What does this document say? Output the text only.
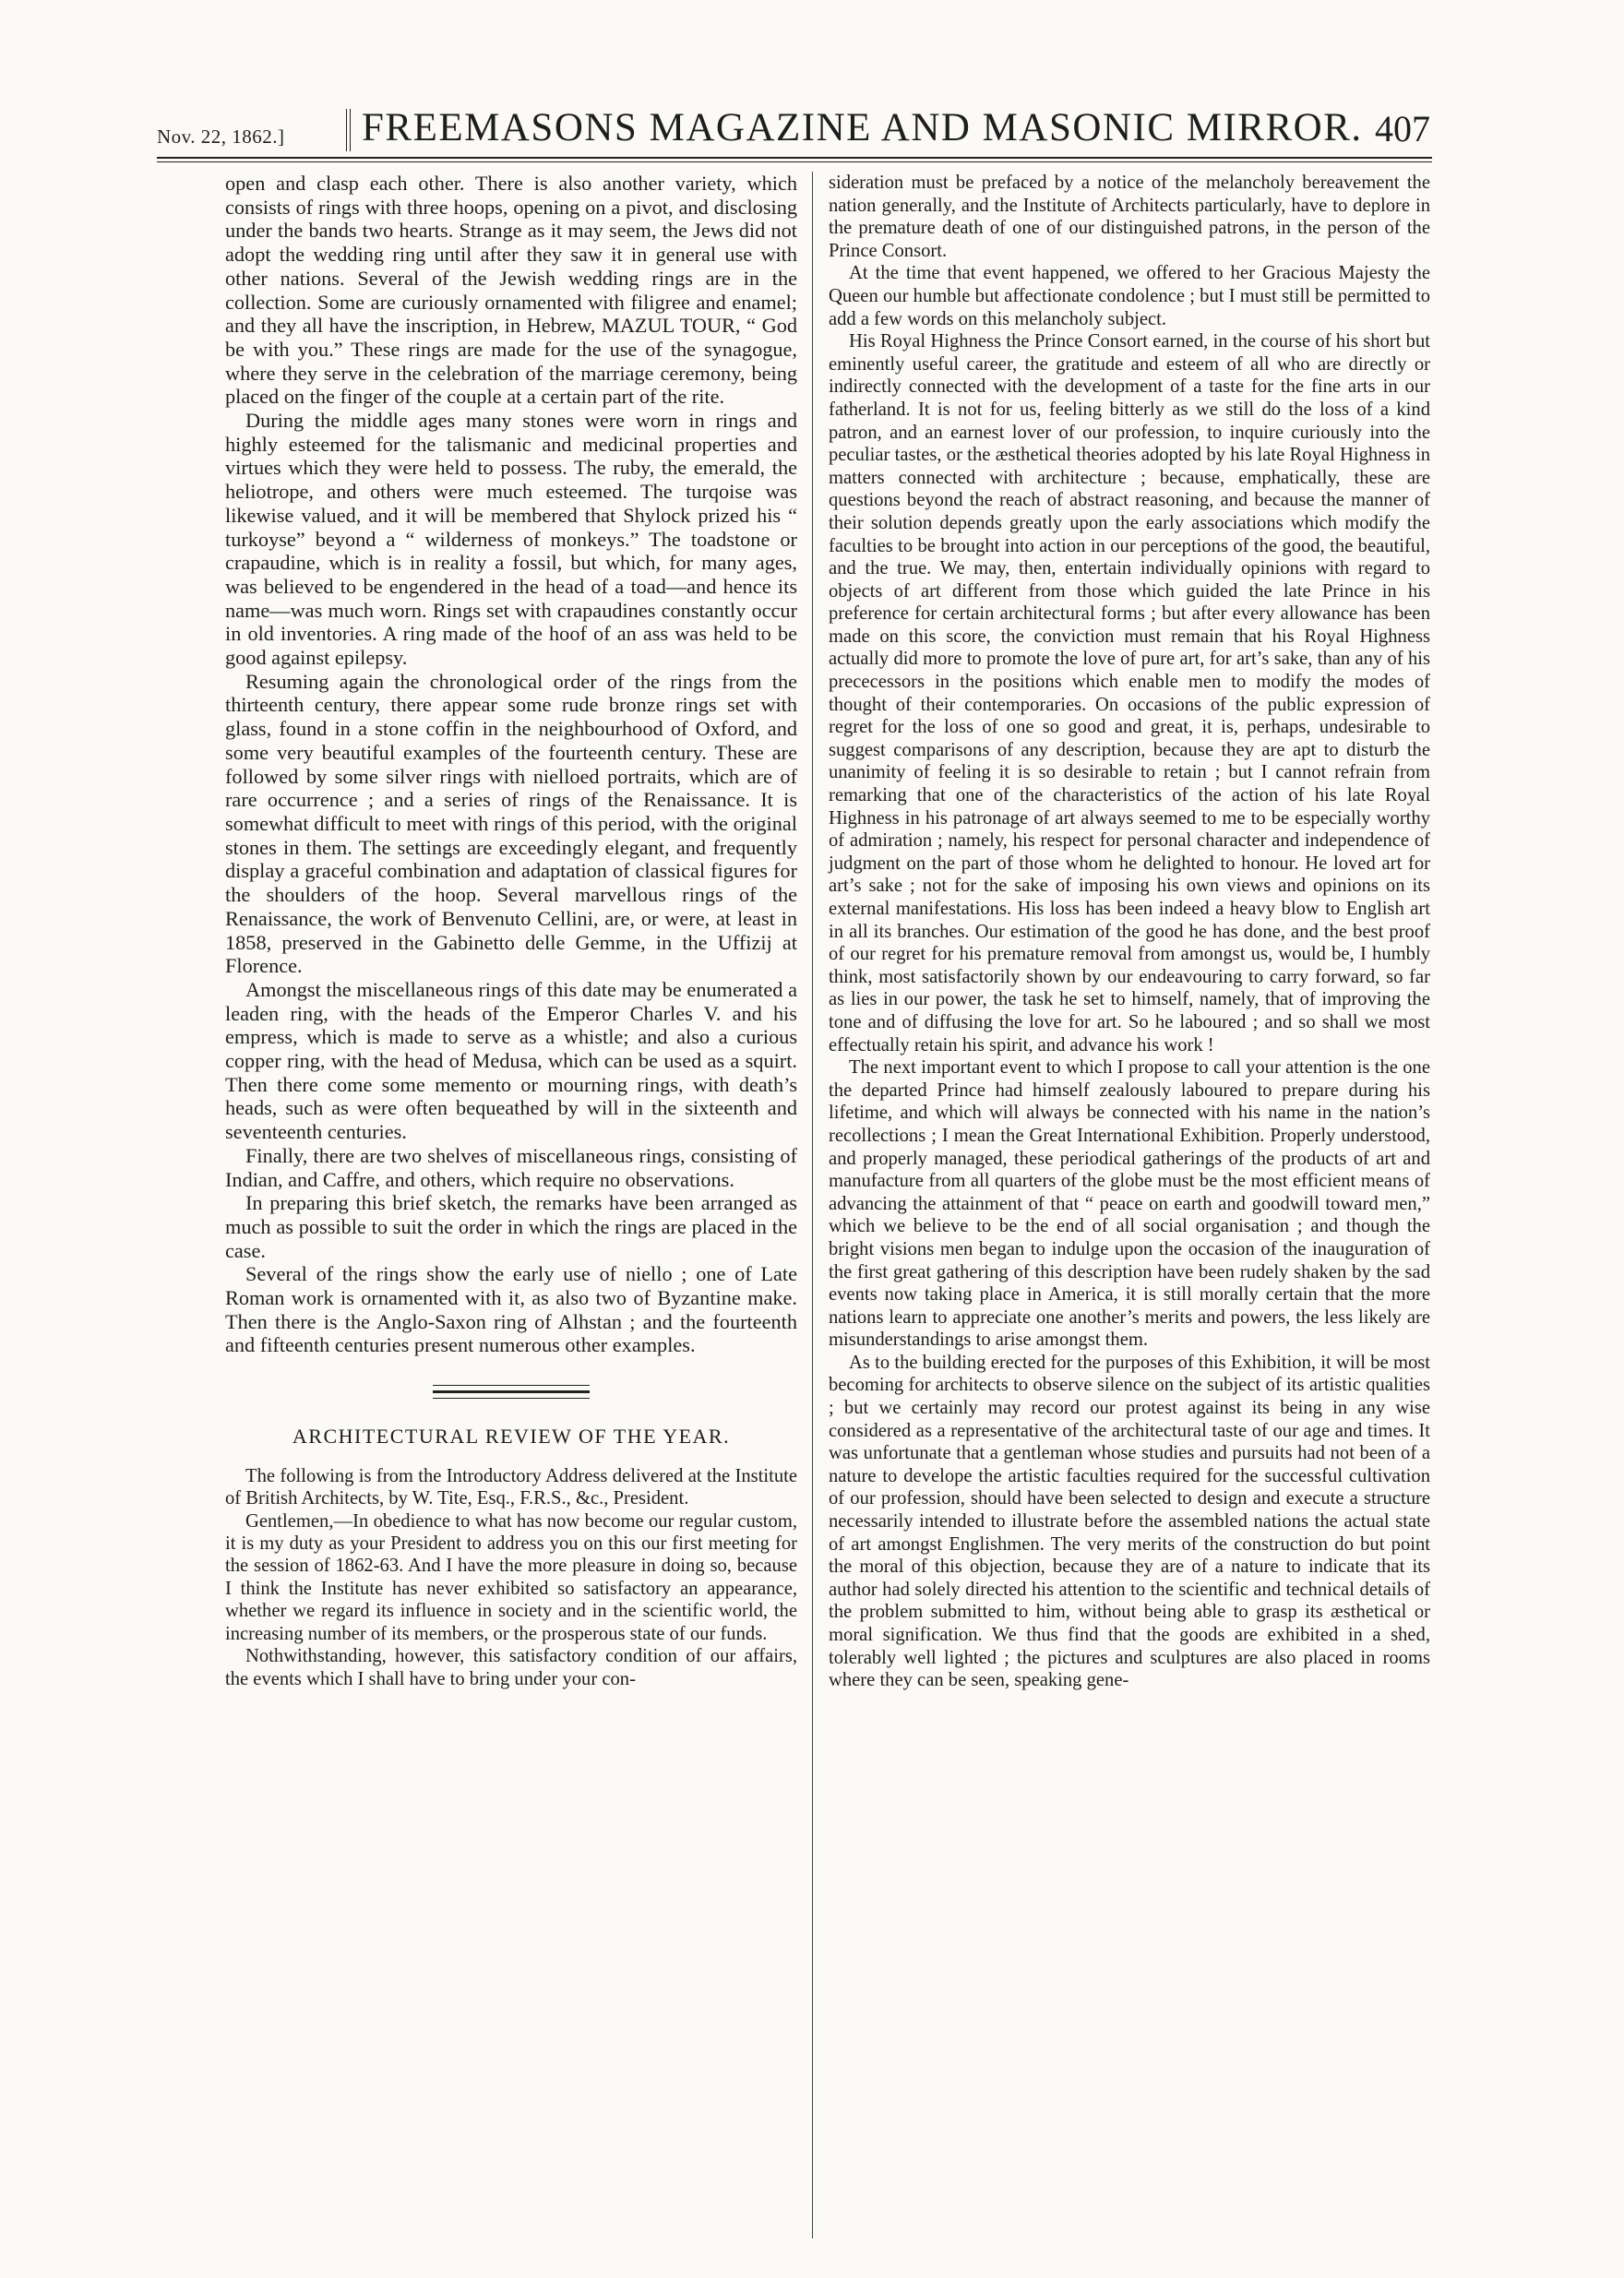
Nov. 22, 1862.] FREEMASONS MAGAZINE AND MASONIC MIRROR. 407

open and clasp each other. There is also another variety, which consists of rings with three hoops, opening on a pivot, and disclosing under the bands two hearts. Strange as it may seem, the Jews did not adopt the wedding ring until after they saw it in general use with other nations. Several of the Jewish wedding rings are in the collection. Some are curiously ornamented with filigree and enamel; and they all have the inscription, in Hebrew, MAZUL TOUR, “ God be with you.” These rings are made for the use of the synagogue, where they serve in the celebration of the marriage ceremony, being placed on the finger of the couple at a certain part of the rite.

During the middle ages many stones were worn in rings and highly esteemed for the talismanic and medicinal properties and virtues which they were held to possess. The ruby, the emerald, the heliotrope, and others were much esteemed. The turqoise was likewise valued, and it will be membered that Shylock prized his “ turkoyse” beyond a “ wilderness of monkeys.” The toadstone or crapaudine, which is in reality a fossil, but which, for many ages, was believed to be engendered in the head of a toad—and hence its name—was much worn. Rings set with crapaudines constantly occur in old inventories. A ring made of the hoof of an ass was held to be good against epilepsy.

Resuming again the chronological order of the rings from the thirteenth century, there appear some rude bronze rings set with glass, found in a stone coffin in the neighbourhood of Oxford, and some very beautiful examples of the fourteenth century. These are followed by some silver rings with nielloed portraits, which are of rare occurrence ; and a series of rings of the Renaissance. It is somewhat difficult to meet with rings of this period, with the original stones in them. The settings are exceedingly elegant, and frequently display a graceful combination and adaptation of classical figures for the shoulders of the hoop. Several marvellous rings of the Renaissance, the work of Benvenuto Cellini, are, or were, at least in 1858, preserved in the Gabinetto delle Gemme, in the Uffizij at Florence.

Amongst the miscellaneous rings of this date may be enumerated a leaden ring, with the heads of the Emperor Charles V. and his empress, which is made to serve as a whistle; and also a curious copper ring, with the head of Medusa, which can be used as a squirt. Then there come some memento or mourning rings, with death’s heads, such as were often bequeathed by will in the sixteenth and seventeenth centuries.

Finally, there are two shelves of miscellaneous rings, consisting of Indian, and Caffre, and others, which require no observations.

In preparing this brief sketch, the remarks have been arranged as much as possible to suit the order in which the rings are placed in the case.

Several of the rings show the early use of niello ; one of Late Roman work is ornamented with it, as also two of Byzantine make. Then there is the Anglo-Saxon ring of Alhstan ; and the fourteenth and fifteenth centuries present numerous other examples.

ARCHITECTURAL REVIEW OF THE YEAR.

The following is from the Introductory Address delivered at the Institute of British Architects, by W. Tite, Esq., F.R.S., &c., President.

Gentlemen,—In obedience to what has now become our regular custom, it is my duty as your President to address you on this our first meeting for the session of 1862-63. And I have the more pleasure in doing so, because I think the Institute has never exhibited so satisfactory an appearance, whether we regard its influence in society and in the scientific world, the increasing number of its members, or the prosperous state of our funds.

Nothwithstanding, however, this satisfactory condition of our affairs, the events which I shall have to bring under your con-

sideration must be prefaced by a notice of the melancholy bereavement the nation generally, and the Institute of Architects particularly, have to deplore in the premature death of one of our distinguished patrons, in the person of the Prince Consort.

At the time that event happened, we offered to her Gracious Majesty the Queen our humble but affectionate condolence ; but I must still be permitted to add a few words on this melancholy subject.

His Royal Highness the Prince Consort earned, in the course of his short but eminently useful career, the gratitude and esteem of all who are directly or indirectly connected with the development of a taste for the fine arts in our fatherland. It is not for us, feeling bitterly as we still do the loss of a kind patron, and an earnest lover of our profession, to inquire curiously into the peculiar tastes, or the æsthetical theories adopted by his late Royal Highness in matters connected with architecture ; because, emphatically, these are questions beyond the reach of abstract reasoning, and because the manner of their solution depends greatly upon the early associations which modify the faculties to be brought into action in our perceptions of the good, the beautiful, and the true. We may, then, entertain individually opinions with regard to objects of art different from those which guided the late Prince in his preference for certain architectural forms ; but after every allowance has been made on this score, the conviction must remain that his Royal Highness actually did more to promote the love of pure art, for art’s sake, than any of his prececessors in the positions which enable men to modify the modes of thought of their contemporaries. On occasions of the public expression of regret for the loss of one so good and great, it is, perhaps, undesirable to suggest comparisons of any description, because they are apt to disturb the unanimity of feeling it is so desirable to retain ; but I cannot refrain from remarking that one of the characteristics of the action of his late Royal Highness in his patronage of art always seemed to me to be especially worthy of admiration ; namely, his respect for personal character and independence of judgment on the part of those whom he delighted to honour. He loved art for art’s sake ; not for the sake of imposing his own views and opinions on its external manifestations. His loss has been indeed a heavy blow to English art in all its branches. Our estimation of the good he has done, and the best proof of our regret for his premature removal from amongst us, would be, I humbly think, most satisfactorily shown by our endeavouring to carry forward, so far as lies in our power, the task he set to himself, namely, that of improving the tone and of diffusing the love for art. So he laboured ; and so shall we most effectually retain his spirit, and advance his work !

The next important event to which I propose to call your attention is the one the departed Prince had himself zealously laboured to prepare during his lifetime, and which will always be connected with his name in the nation’s recollections ; I mean the Great International Exhibition. Properly understood, and properly managed, these periodical gatherings of the products of art and manufacture from all quarters of the globe must be the most efficient means of advancing the attainment of that “ peace on earth and goodwill toward men,” which we believe to be the end of all social organisation ; and though the bright visions men began to indulge upon the occasion of the inauguration of the first great gathering of this description have been rudely shaken by the sad events now taking place in America, it is still morally certain that the more nations learn to appreciate one another’s merits and powers, the less likely are misunderstandings to arise amongst them.

As to the building erected for the purposes of this Exhibition, it will be most becoming for architects to observe silence on the subject of its artistic qualities ; but we certainly may record our protest against its being in any wise considered as a representative of the architectural taste of our age and times. It was unfortunate that a gentleman whose studies and pursuits had not been of a nature to develope the artistic faculties required for the successful cultivation of our profession, should have been selected to design and execute a structure necessarily intended to illustrate before the assembled nations the actual state of art amongst Englishmen. The very merits of the construction do but point the moral of this objection, because they are of a nature to indicate that its author had solely directed his attention to the scientific and technical details of the problem submitted to him, without being able to grasp its æsthetical or moral signification. We thus find that the goods are exhibited in a shed, tolerably well lighted ; the pictures and sculptures are also placed in rooms where they can be seen, speaking gene-
